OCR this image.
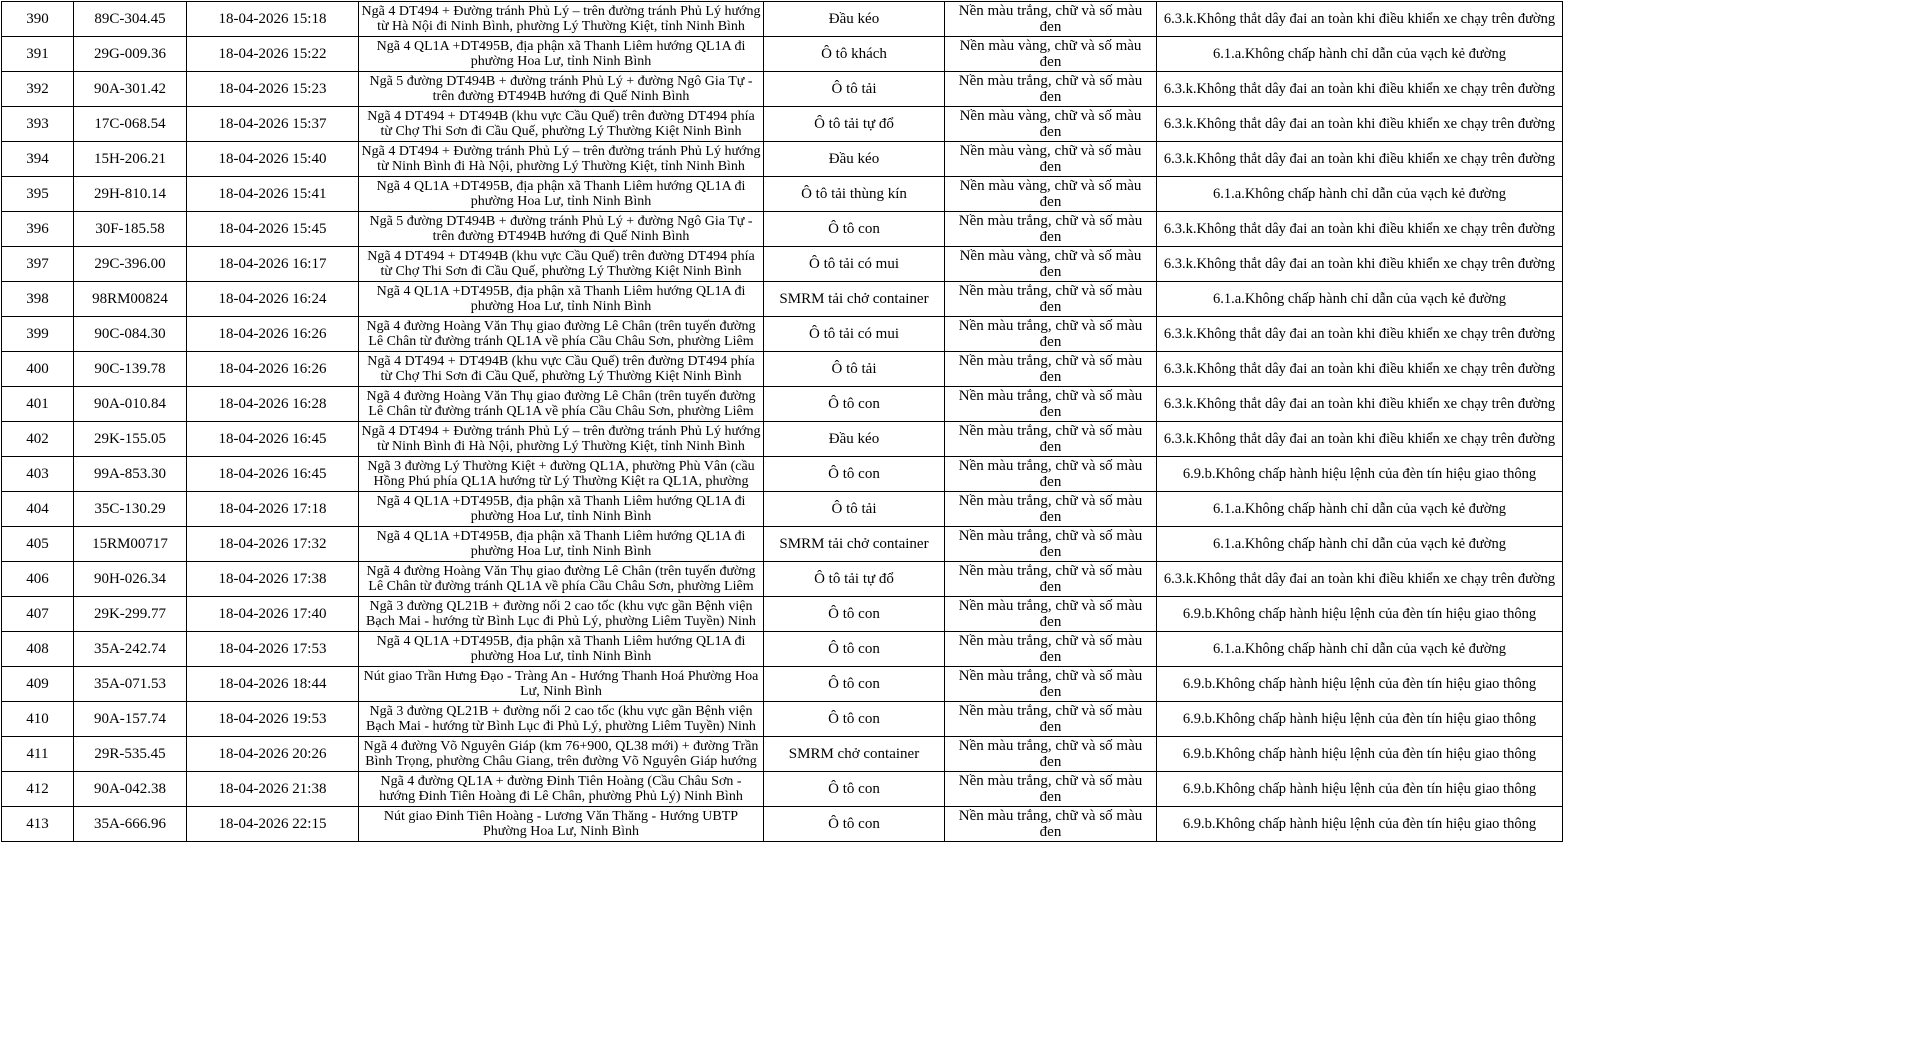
390	89C-304.45	18-04-2026 15:18	Ngã 4 DT494 + Đường tránh Phủ Lý – trên đường tránh Phủ Lý hướng từ Hà Nội đi Ninh Bình, phường Lý Thường Kiệt, tỉnh Ninh Bình	Đầu kéo	Nền màu trắng, chữ và số màu đen	6.3.k.Không thắt dây đai an toàn khi điều khiển xe chạy trên đường
391	29G-009.36	18-04-2026 15:22	Ngã 4 QL1A +DT495B, địa phận xã Thanh Liêm hướng QL1A đi phường Hoa Lư, tỉnh Ninh Bình	Ô tô khách	Nền màu vàng, chữ và số màu đen	6.1.a.Không chấp hành chỉ dẫn của vạch kẻ đường
392	90A-301.42	18-04-2026 15:23	Ngã 5 đường DT494B + đường tránh Phủ Lý + đường Ngô Gia Tự - trên đường ĐT494B hướng đi Quế Ninh Bình	Ô tô tải	Nền màu trắng, chữ và số màu đen	6.3.k.Không thắt dây đai an toàn khi điều khiển xe chạy trên đường
393	17C-068.54	18-04-2026 15:37	Ngã 4 DT494 + DT494B (khu vực Cầu Quế) trên đường DT494 phía từ Chợ Thi Sơn đi Cầu Quế, phường Lý Thường Kiệt Ninh Bình	Ô tô tải tự đổ	Nền màu vàng, chữ và số màu đen	6.3.k.Không thắt dây đai an toàn khi điều khiển xe chạy trên đường
394	15H-206.21	18-04-2026 15:40	Ngã 4 DT494 + Đường tránh Phủ Lý – trên đường tránh Phủ Lý hướng từ Ninh Bình đi Hà Nội, phường Lý Thường Kiệt, tỉnh Ninh Bình	Đầu kéo	Nền màu vàng, chữ và số màu đen	6.3.k.Không thắt dây đai an toàn khi điều khiển xe chạy trên đường
395	29H-810.14	18-04-2026 15:41	Ngã 4 QL1A +DT495B, địa phận xã Thanh Liêm hướng QL1A đi phường Hoa Lư, tỉnh Ninh Bình	Ô tô tải thùng kín	Nền màu vàng, chữ và số màu đen	6.1.a.Không chấp hành chỉ dẫn của vạch kẻ đường
396	30F-185.58	18-04-2026 15:45	Ngã 5 đường DT494B + đường tránh Phủ Lý + đường Ngô Gia Tự - trên đường ĐT494B hướng đi Quế Ninh Bình	Ô tô con	Nền màu trắng, chữ và số màu đen	6.3.k.Không thắt dây đai an toàn khi điều khiển xe chạy trên đường
397	29C-396.00	18-04-2026 16:17	Ngã 4 DT494 + DT494B (khu vực Cầu Quế) trên đường DT494 phía từ Chợ Thi Sơn đi Cầu Quế, phường Lý Thường Kiệt Ninh Bình	Ô tô tải có mui	Nền màu vàng, chữ và số màu đen	6.3.k.Không thắt dây đai an toàn khi điều khiển xe chạy trên đường
398	98RM00824	18-04-2026 16:24	Ngã 4 QL1A +DT495B, địa phận xã Thanh Liêm hướng QL1A đi phường Hoa Lư, tỉnh Ninh Bình	SMRM tải chở container	Nền màu trắng, chữ và số màu đen	6.1.a.Không chấp hành chỉ dẫn của vạch kẻ đường
399	90C-084.30	18-04-2026 16:26	Ngã 4 đường Hoàng Văn Thụ giao đường Lê Chân (trên tuyến đường Lê Chân từ đường tránh QL1A về phía Cầu Châu Sơn, phường Liêm	Ô tô tải có mui	Nền màu trắng, chữ và số màu đen	6.3.k.Không thắt dây đai an toàn khi điều khiển xe chạy trên đường
400	90C-139.78	18-04-2026 16:26	Ngã 4 DT494 + DT494B (khu vực Cầu Quế) trên đường DT494 phía từ Chợ Thi Sơn đi Cầu Quế, phường Lý Thường Kiệt Ninh Bình	Ô tô tải	Nền màu trắng, chữ và số màu đen	6.3.k.Không thắt dây đai an toàn khi điều khiển xe chạy trên đường
401	90A-010.84	18-04-2026 16:28	Ngã 4 đường Hoàng Văn Thụ giao đường Lê Chân (trên tuyến đường Lê Chân từ đường tránh QL1A về phía Cầu Châu Sơn, phường Liêm	Ô tô con	Nền màu trắng, chữ và số màu đen	6.3.k.Không thắt dây đai an toàn khi điều khiển xe chạy trên đường
402	29K-155.05	18-04-2026 16:45	Ngã 4 DT494 + Đường tránh Phủ Lý – trên đường tránh Phủ Lý hướng từ Ninh Bình đi Hà Nội, phường Lý Thường Kiệt, tỉnh Ninh Bình	Đầu kéo	Nền màu trắng, chữ và số màu đen	6.3.k.Không thắt dây đai an toàn khi điều khiển xe chạy trên đường
403	99A-853.30	18-04-2026 16:45	Ngã 3 đường Lý Thường Kiệt + đường QL1A, phường Phù Vân (cầu Hồng Phú phía QL1A hướng từ Lý Thường Kiệt ra QL1A, phường	Ô tô con	Nền màu trắng, chữ và số màu đen	6.9.b.Không chấp hành hiệu lệnh của đèn tín hiệu giao thông
404	35C-130.29	18-04-2026 17:18	Ngã 4 QL1A +DT495B, địa phận xã Thanh Liêm hướng QL1A đi phường Hoa Lư, tỉnh Ninh Bình	Ô tô tải	Nền màu trắng, chữ và số màu đen	6.1.a.Không chấp hành chỉ dẫn của vạch kẻ đường
405	15RM00717	18-04-2026 17:32	Ngã 4 QL1A +DT495B, địa phận xã Thanh Liêm hướng QL1A đi phường Hoa Lư, tỉnh Ninh Bình	SMRM tải chở container	Nền màu trắng, chữ và số màu đen	6.1.a.Không chấp hành chỉ dẫn của vạch kẻ đường
406	90H-026.34	18-04-2026 17:38	Ngã 4 đường Hoàng Văn Thụ giao đường Lê Chân (trên tuyến đường Lê Chân từ đường tránh QL1A về phía Cầu Châu Sơn, phường Liêm	Ô tô tải tự đổ	Nền màu trắng, chữ và số màu đen	6.3.k.Không thắt dây đai an toàn khi điều khiển xe chạy trên đường
407	29K-299.77	18-04-2026 17:40	Ngã 3 đường QL21B + đường nối 2 cao tốc (khu vực gần Bệnh viện Bạch Mai - hướng từ Bình Lục đi Phủ Lý, phường Liêm Tuyền) Ninh	Ô tô con	Nền màu trắng, chữ và số màu đen	6.9.b.Không chấp hành hiệu lệnh của đèn tín hiệu giao thông
408	35A-242.74	18-04-2026 17:53	Ngã 4 QL1A +DT495B, địa phận xã Thanh Liêm hướng QL1A đi phường Hoa Lư, tỉnh Ninh Bình	Ô tô con	Nền màu trắng, chữ và số màu đen	6.1.a.Không chấp hành chỉ dẫn của vạch kẻ đường
409	35A-071.53	18-04-2026 18:44	Nút giao Trần Hưng Đạo - Tràng An - Hướng Thanh Hoá Phường Hoa Lư, Ninh Bình	Ô tô con	Nền màu trắng, chữ và số màu đen	6.9.b.Không chấp hành hiệu lệnh của đèn tín hiệu giao thông
410	90A-157.74	18-04-2026 19:53	Ngã 3 đường QL21B + đường nối 2 cao tốc (khu vực gần Bệnh viện Bạch Mai - hướng từ Bình Lục đi Phủ Lý, phường Liêm Tuyền) Ninh	Ô tô con	Nền màu trắng, chữ và số màu đen	6.9.b.Không chấp hành hiệu lệnh của đèn tín hiệu giao thông
411	29R-535.45	18-04-2026 20:26	Ngã 4 đường Võ Nguyên Giáp (km 76+900, QL38 mới) + đường Trần Bình Trọng, phường Châu Giang, trên đường Võ Nguyên Giáp hướng	SMRM chở container	Nền màu trắng, chữ và số màu đen	6.9.b.Không chấp hành hiệu lệnh của đèn tín hiệu giao thông
412	90A-042.38	18-04-2026 21:38	Ngã 4 đường QL1A + đường Đinh Tiên Hoàng (Cầu Châu Sơn - hướng Đinh Tiên Hoàng đi Lê Chân, phường Phủ Lý) Ninh Bình	Ô tô con	Nền màu trắng, chữ và số màu đen	6.9.b.Không chấp hành hiệu lệnh của đèn tín hiệu giao thông
413	35A-666.96	18-04-2026 22:15	Nút giao Đinh Tiên Hoàng - Lương Văn Thăng - Hướng UBTP Phường Hoa Lư, Ninh Bình	Ô tô con	Nền màu trắng, chữ và số màu đen	6.9.b.Không chấp hành hiệu lệnh của đèn tín hiệu giao thông
